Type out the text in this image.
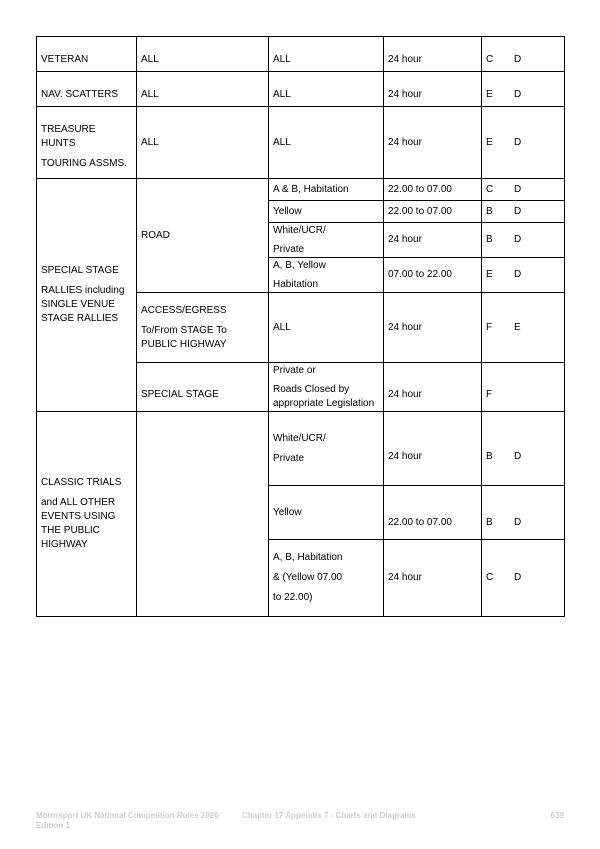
VETERAN	ALL	ALL	24 hour	C D

NAV. SCATTERS	ALL	ALL	24 hour	E D

TREASURE
HUNTS
TOURING ASSMS.	ALL	ALL	24 hour	E D

SPECIAL STAGE
RALLIES including
SINGLE VENUE
STAGE RALLIES	ROAD	A & B, Habitation	22.00 to 07.00	C D

		Yellow	22.00 to 07.00	B D

		White/UCR/
Private	24 hour	B D

		A, B, Yellow
Habitation	07.00 to 22.00	E D

	ACCESS/EGRESS
To/From STAGE To
PUBLIC HIGHWAY	ALL	24 hour	F E

	SPECIAL STAGE	Private or
Roads Closed by
appropriate Legislation	24 hour	F

CLASSIC TRIALS
and ALL OTHER
EVENTS USING
THE PUBLIC
HIGHWAY		White/UCR/
Private	24 hour	B D

		Yellow	22.00 to 07.00	B D

		A, B, Habitation
& (Yellow 07.00
to 22.00)	24 hour	C D
Motorsport UK National Competition Rules 2026
Edition 1
Chapter 17 Appendix 7 - Charts and Diagrams	639
